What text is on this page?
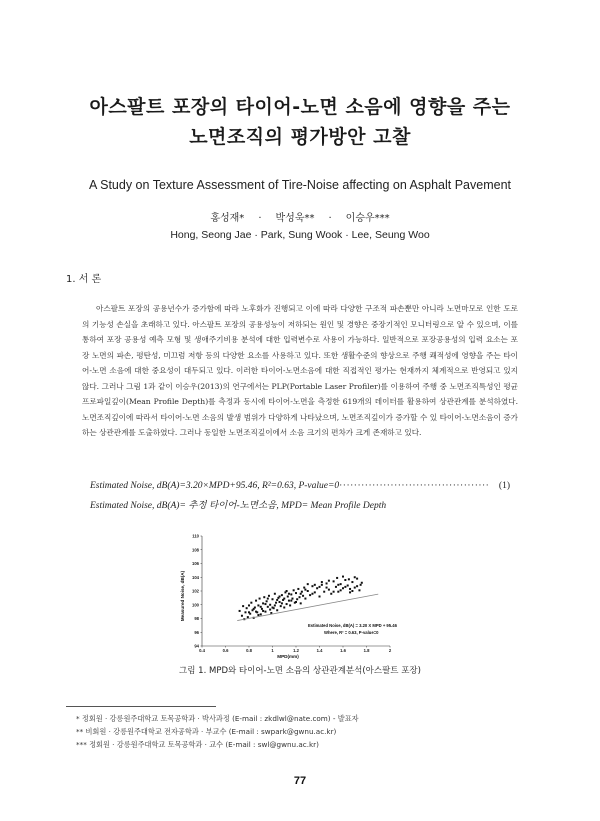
아스팔트 포장의 타이어-노면 소음에 영향을 주는
노면조직의 평가방안 고찰
A Study on Texture Assessment of Tire-Noise affecting on Asphalt Pavement
홍성재* · 박성욱** · 이승우***
Hong, Seong Jae · Park, Sung Wook · Lee, Seung Woo
1. 서 론

아스팔트 포장의 공용년수가 증가함에 따라 노후화가 진행되고 이에 따라 다양한 구조적 파손뿐만 아니라 노면마모로 인한 도로의 기능성 손실을 초래하고 있다. 아스팔트 포장의 공용성능이 저하되는 원인 및 경향은 중장기적인 모니터링으로 알 수 있으며, 이를 통하여 포장 공용성 예측 모형 및 생애주기비용 분석에 대한 입력변수로 사용이 가능하다. 일반적으로 포장공용성의 입력 요소는 포장 노면의 파손, 평탄성, 미끄럼 저항 등의 다양한 요소를 사용하고 있다. 또한 생활수준의 향상으로 주행 쾌적성에 영향을 주는 타이어-노면 소음에 대한 중요성이 대두되고 있다. 이러한 타이어-노면소음에 대한 직접적인 평가는 현재까지 체계적으로 반영되고 있지 않다. 그러나 그림 1과 같이 이승우(2013)의 연구에서는 PLP(Portable Laser Profiler)를 이용하여 주행 중 노면조직특성인 평균프로파일깊이(Mean Profile Depth)를 측정과 동시에 타이어-노면을 측정한 619개의 데이터를 활용하여 상관관계를 분석하였다. 노면조직깊이에 따라서 타이어-노면 소음의 발생 범위가 다양하게 나타났으며, 노면조직깊이가 증가할 수 있 타이어-노면소음이 증가하는 상관관계를 도출하였다. 그러나 동일한 노면조직깊이에서 소음 크기의 편차가 크게 존재하고 있다.

Estimated Noise, dB(A)=3.20×MPD+95.46, R²=0.63, P-value=0········································· (1)
Estimated Noise, dB(A)= 추정 타이어-노면소음, MPD= Mean Profile Depth
0.4	0.6	0.8	1	1.2	1.4	1.6	1.8	2
94
96
98
100
102
104
106
108
110
Estimated Noise, dB(A) = 3.20 X MPD + 95.46
Where, R² = 0.63, P-value=0
MPD(mm)
Measured Noise, dB(A)
그림 1. MPD와 타이어-노면 소음의 상관관계분석(아스팔트 포장)
* 정회원 · 강릉원주대학교 토목공학과 · 박사과정 (E-mail : zkdlwl@nate.com) - 발표자
** 비회원 · 강릉원주대학교 전자공학과 · 부교수 (E-mail : swpark@gwnu.ac.kr)
*** 정회원 · 강릉원주대학교 토목공학과 · 교수 (E-mail : swl@gwnu.ac.kr)
77
